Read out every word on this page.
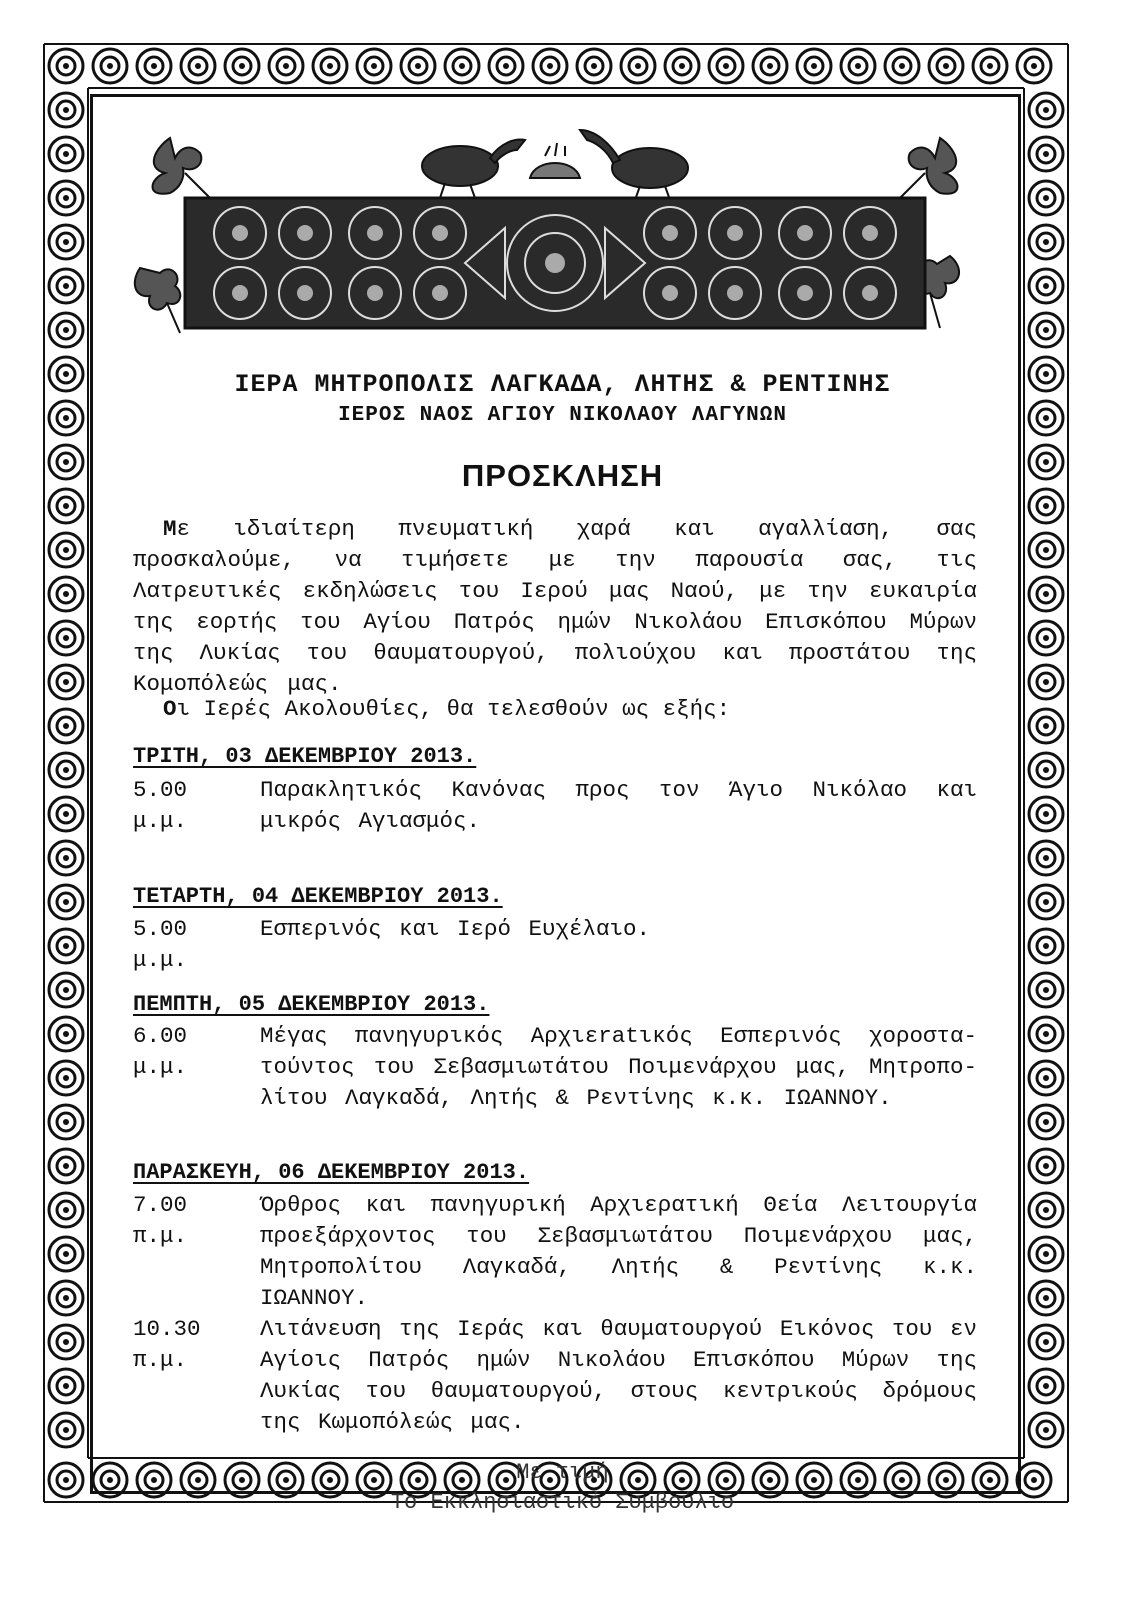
ΙΕΡΑ ΜΗΤΡΟΠΟΛΙΣ ΛΑΓΚΑΔΑ, ΛΗΤΗΣ & ΡΕΝΤΙΝΗΣ
ΙΕΡΟΣ ΝΑΟΣ ΑΓΙΟΥ ΝΙΚΟΛΑΟΥ ΛΑΓΥΝΩΝ
ΠΡΟΣΚΛΗΣΗ
Με ιδιαίτερη πνευματική χαρά και αγαλλίαση, σας προσκαλούμε, να τιμήσετε με την παρουσία σας, τις Λατρευτικές εκδηλώσεις του Ιερού μας Ναού, με την ευκαιρία της εορτής του Αγίου Πατρός ημών Νικολάου Επισκόπου Μύρων της Λυκίας του θαυματουργού, πολιούχου και προστάτου της Κομοπόλεώς μας.
Οι Ιερές Ακολουθίες, θα τελεσθούν ως εξής:
ΤΡΙΤΗ, 03 ΔΕΚΕΜΒΡΙΟΥ 2013.
5.00
μ.μ.
Παρακλητικός Κανόνας προς τον Άγιο Νικόλαο και μικρός Αγιασμός.
ΤΕΤΑΡΤΗ, 04 ΔΕΚΕΜΒΡΙΟΥ 2013.
5.00
μ.μ.
Εσπερινός και Ιερό Ευχέλαιο.
ΠΕΜΠΤΗ, 05 ΔΕΚΕΜΒΡΙΟΥ 2013.
6.00
μ.μ.
Μέγας πανηγυρικός Αρχιεratικός Εσπερινός χοροστα-τούντος του Σεβασμιωτάτου Ποιμενάρχου μας, Μητροπο-λίτου Λαγκαδά, Λητής & Ρεντίνης κ.κ. ΙΩΑΝΝΟΥ.
ΠΑΡΑΣΚΕΥΗ, 06 ΔΕΚΕΜΒΡΙΟΥ 2013.
7.00
π.μ.
Όρθρος και πανηγυρική Αρχιερατική Θεία Λειτουργία προεξάρχοντος του Σεβασμιωτάτου Ποιμενάρχου μας, Μητροπολίτου Λαγκαδά, Λητής & Ρεντίνης κ.κ. ΙΩΑΝΝΟΥ.
10.30
π.μ.
Λιτάνευση της Ιεράς και θαυματουργού Εικόνος του εν Αγίοις Πατρός ημών Νικολάου Επισκόπου Μύρων της Λυκίας του θαυματουργού, στους κεντρικούς δρόμους της Κωμοπόλεώς μας.
Με τιμή
Το Εκκλησιαστικό Συμβούλιο
